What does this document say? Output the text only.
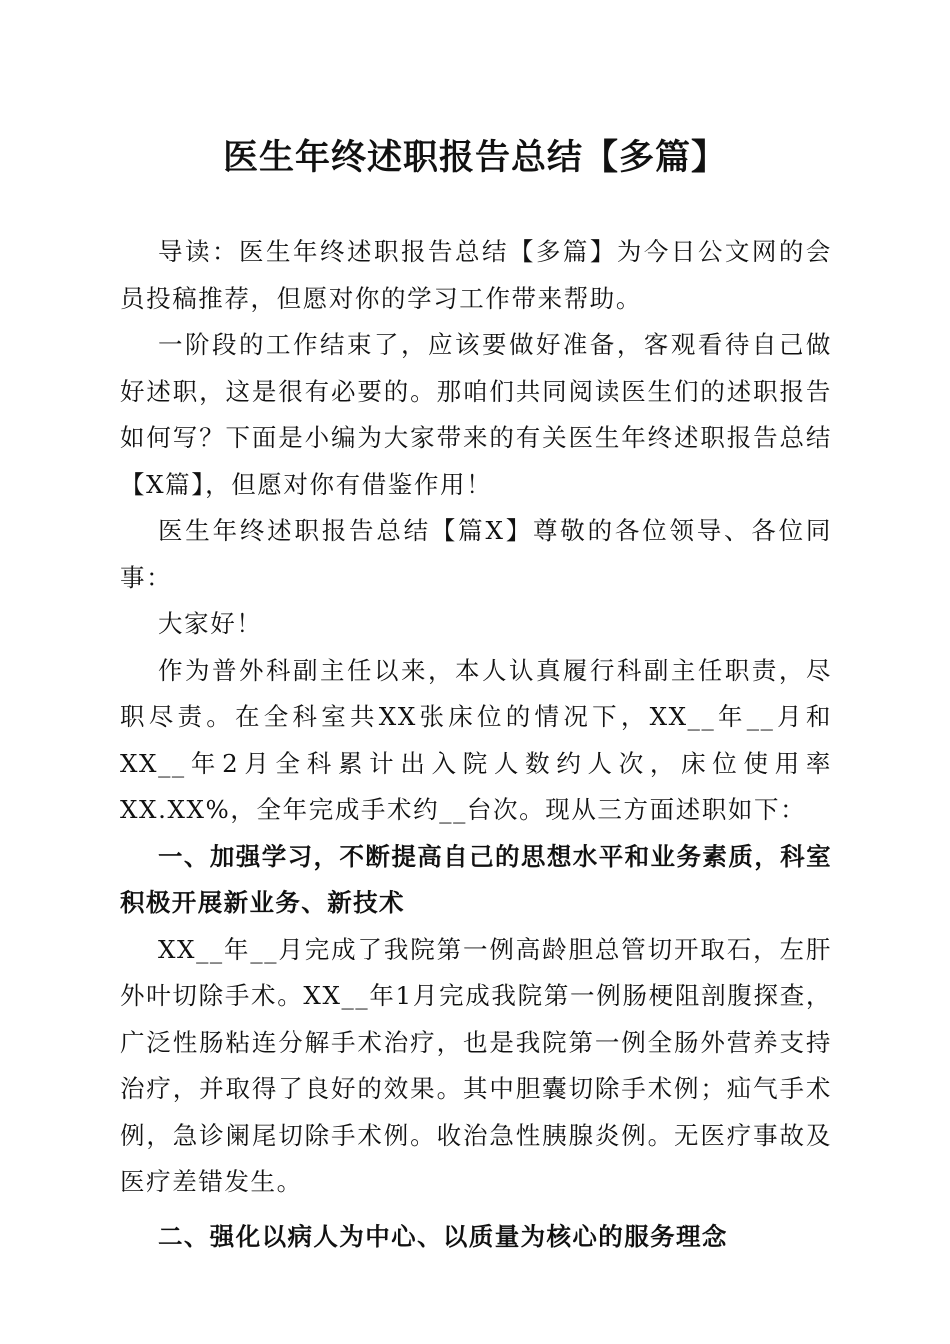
医生年终述职报告总结【多篇】

导读：医生年终述职报告总结【多篇】为今日公文网的会员投稿推荐，但愿对你的学习工作带来帮助。

一阶段的工作结束了，应该要做好准备，客观看待自己做好述职，这是很有必要的。那咱们共同阅读医生们的述职报告如何写？下面是小编为大家带来的有关医生年终述职报告总结【X篇】，但愿对你有借鉴作用！

医生年终述职报告总结【篇X】尊敬的各位领导、各位同事：

大家好！

作为普外科副主任以来，本人认真履行科副主任职责，尽职尽责。在全科室共XX张床位的情况下，XX__年__月和XX__年2月全科累计出入院人数约人次，床位使用率XX.XX%，全年完成手术约__台次。现从三方面述职如下：

一、加强学习，不断提高自己的思想水平和业务素质，科室积极开展新业务、新技术

XX__年__月完成了我院第一例高龄胆总管切开取石，左肝外叶切除手术。XX__年1月完成我院第一例肠梗阻剖腹探查，广泛性肠粘连分解手术治疗，也是我院第一例全肠外营养支持治疗，并取得了良好的效果。其中胆囊切除手术例；疝气手术例，急诊阑尾切除手术例。收治急性胰腺炎例。无医疗事故及医疗差错发生。

二、强化以病人为中心、以质量为核心的服务理念
